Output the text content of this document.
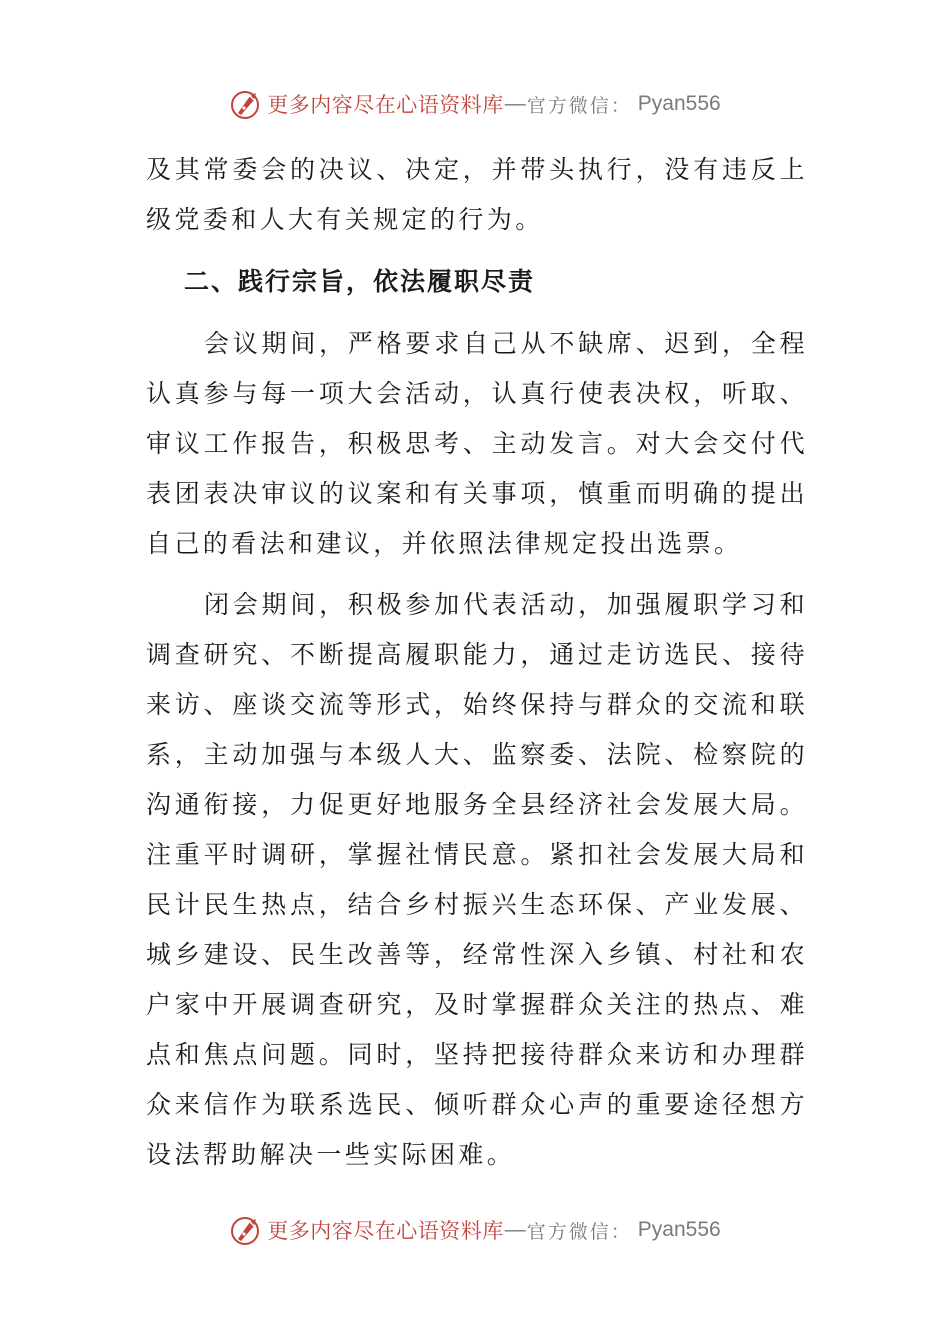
更多内容尽在心语资料库 — 官方微信： Pyan556

及其常委会的决议、决定，并带头执行，没有违反上级党委和人大有关规定的行为。

二、践行宗旨，依法履职尽责

会议期间，严格要求自己从不缺席、迟到，全程认真参与每一项大会活动，认真行使表决权，听取、审议工作报告，积极思考、主动发言。对大会交付代表团表决审议的议案和有关事项，慎重而明确的提出自己的看法和建议，并依照法律规定投出选票。

闭会期间，积极参加代表活动，加强履职学习和调查研究、不断提高履职能力，通过走访选民、接待来访、座谈交流等形式，始终保持与群众的交流和联系，主动加强与本级人大、监察委、法院、检察院的沟通衔接，力促更好地服务全县经济社会发展大局。注重平时调研，掌握社情民意。紧扣社会发展大局和民计民生热点，结合乡村振兴生态环保、产业发展、城乡建设、民生改善等，经常性深入乡镇、村社和农户家中开展调查研究，及时掌握群众关注的热点、难点和焦点问题。同时，坚持把接待群众来访和办理群众来信作为联系选民、倾听群众心声的重要途径想方设法帮助解决一些实际困难。

更多内容尽在心语资料库 — 官方微信： Pyan556
